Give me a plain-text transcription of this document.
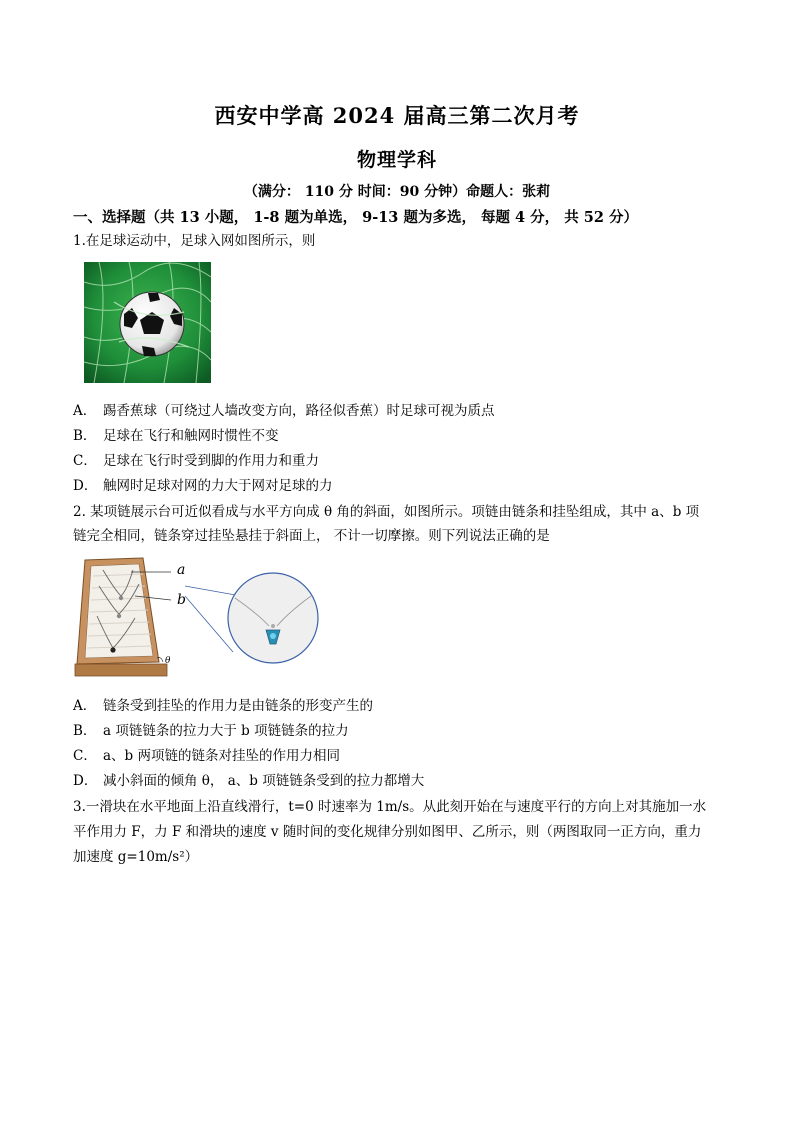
西安中学高 2024 届高三第二次月考
物理学科
（满分： 110 分 时间：90 分钟）命题人：张莉
一、选择题（共 13 小题， 1-8 题为单选， 9-13 题为多选， 每题 4 分， 共 52 分）
1.在足球运动中，足球入网如图所示，则
A． 踢香蕉球（可绕过人墙改变方向，路径似香蕉）时足球可视为质点
B． 足球在飞行和触网时惯性不变
C． 足球在飞行时受到脚的作用力和重力
D． 触网时足球对网的力大于网对足球的力
2. 某项链展示台可近似看成与水平方向成 θ 角的斜面，如图所示。项链由链条和挂坠组成，其中 a、b 项
链完全相同，链条穿过挂坠悬挂于斜面上， 不计一切摩擦。则下列说法正确的是
a
b
θ
A． 链条受到挂坠的作用力是由链条的形变产生的
B． a 项链链条的拉力大于 b 项链链条的拉力
C． a、b 两项链的链条对挂坠的作用力相同
D． 减小斜面的倾角 θ， a、b 项链链条受到的拉力都增大
3.一滑块在水平地面上沿直线滑行，t=0 时速率为 1m/s。从此刻开始在与速度平行的方向上对其施加一水
平作用力 F，力 F 和滑块的速度 v 随时间的变化规律分别如图甲、乙所示，则（两图取同一正方向，重力
加速度 g=10m/s²）
